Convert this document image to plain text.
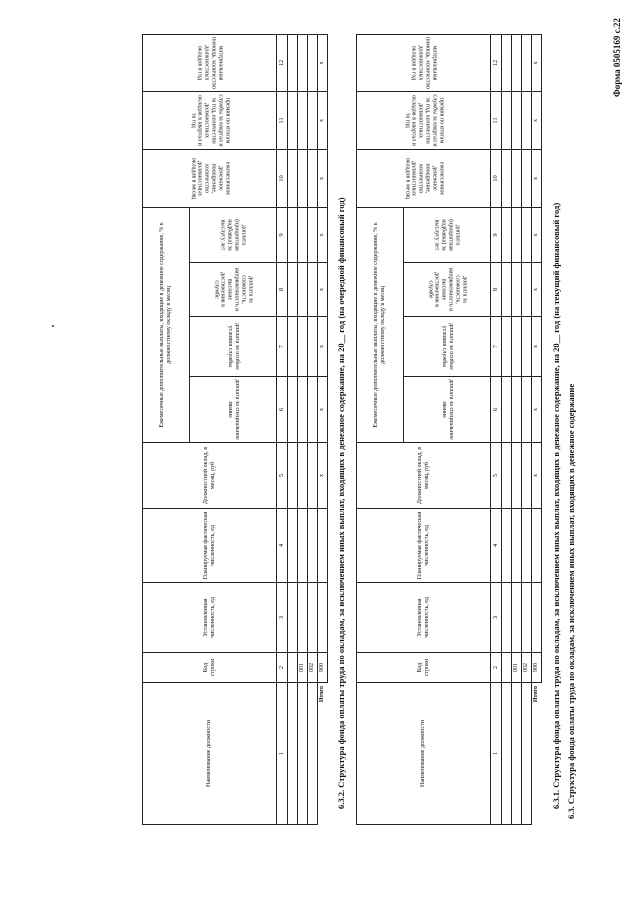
Форма 0505169 с.22
6.3. Структура фонда оплаты труда по окладам, за исключением иных выплат, входящих в денежное содержание
6.3.1. Структура фонда оплаты труда по окладам, за исключением иных выплат, входящих в денежное содержание, на 20__ год (на текущий финансовый год)
Наименование должности	Код строки	Установленная численность, ед	Планируемая фактическая численность, ед	Должностной оклад, в месяц, руб	Ежемесячные дополнительные выплаты, входящие в денежное содержание, % к должностному окладу в месяц				ежемесячное денежное поощрение, количество должностных окладов в месяц	премия по итогам службы за квартал и за год, количество должностных окладов в квартал и за год	материальная помощь, количество должностных окладов в год
					доплата за специальное звание	доплата за особые условия службы	доплата за сложность, напряженность и высокие достижения в службе	доплата (процентная надбавка) за выслугу лет			
1	2	3	4	5	6	7	8	9	10	11	12

	001										
	002										
Итого	900			x	x	x	x	x	x	x	x
6.3.2. Структура фонда оплаты труда по окладам, за исключением иных выплат, входящих в денежное содержание, на 20__ год (на очередной финансовый год)
Наименование должности	Код строки	Установленная численность, ед	Планируемая фактическая численность, ед	Должностной оклад, в месяц, руб	Ежемесячные дополнительные выплаты, входящие в денежное содержание, % к должностному окладу в месяц				ежемесячное денежное поощрение, количество должностных окладов в месяц	премия по итогам службы за квартал и за год, количество должностных окладов в квартал и за год	материальная помощь, количество должностных окладов в год
					доплата за специальное звание	доплата за особые условия службы	доплата за сложность, напряженность и высокие достижения в службе	доплата (процентная надбавка) за выслугу лет			
1	2	3	4	5	6	7	8	9	10	11	12

	001										
	002										
Итого	900			x	x	x	x	x	x	x	x
